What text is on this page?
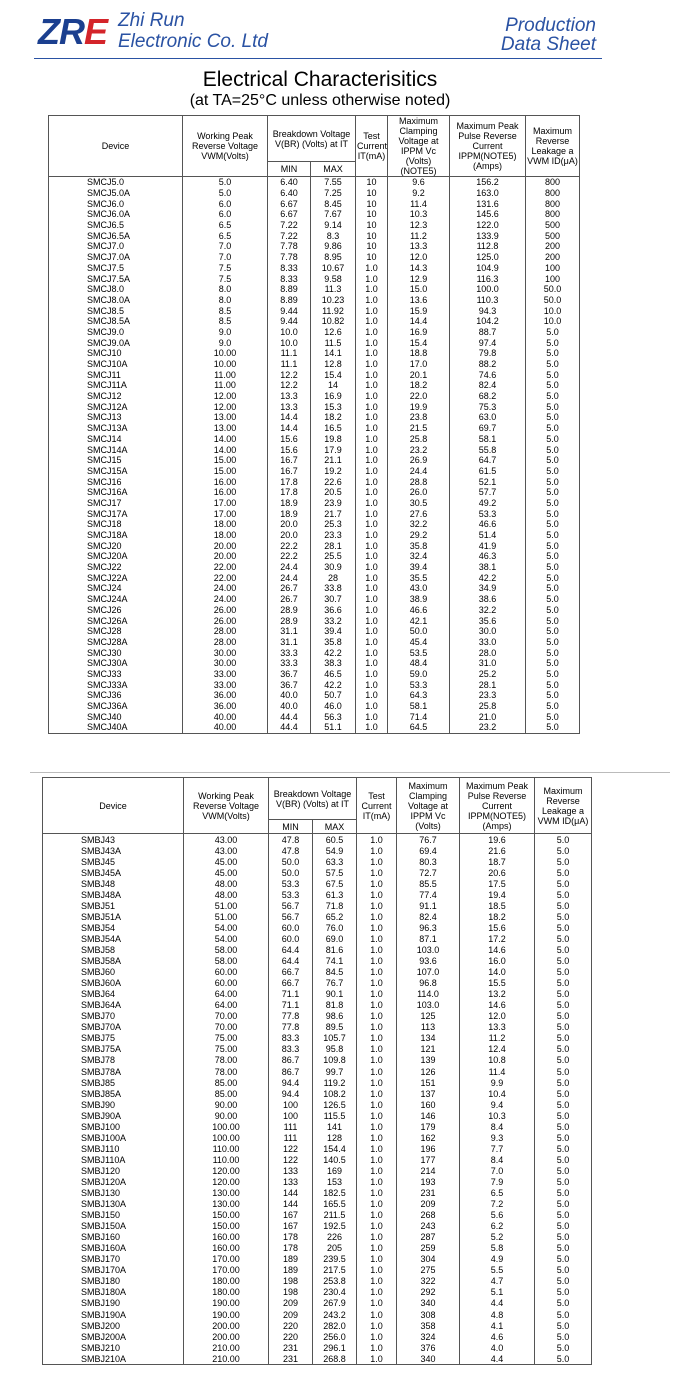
ZRE Zhi Run
Electronic Co. Ltd
Production
Data Sheet
Electrical Characterisitics
(at TA=25°C unless otherwise noted)
Device	Working Peak Reverse Voltage VWM(Volts)	Breakdown Voltage V(BR) (Volts) at IT		Test Current IT(mA)	Maximum Clamping Voltage at IPPM Vc (Volts)(NOTE5)	Maximum Peak Pulse Reverse Current IPPM(NOTE5) (Amps)	Maximum Reverse Leakage a VWM ID(μA)
		MIN	MAX				
SMCJ5.0	5.0	6.40	7.55	10	9.6	156.2	800
SMCJ5.0A	5.0	6.40	7.25	10	9.2	163.0	800
SMCJ6.0	6.0	6.67	8.45	10	11.4	131.6	800
SMCJ6.0A	6.0	6.67	7.67	10	10.3	145.6	800
SMCJ6.5	6.5	7.22	9.14	10	12.3	122.0	500
SMCJ6.5A	6.5	7.22	8.3	10	11.2	133.9	500
SMCJ7.0	7.0	7.78	9.86	10	13.3	112.8	200
SMCJ7.0A	7.0	7.78	8.95	10	12.0	125.0	200
SMCJ7.5	7.5	8.33	10.67	1.0	14.3	104.9	100
SMCJ7.5A	7.5	8.33	9.58	1.0	12.9	116.3	100
SMCJ8.0	8.0	8.89	11.3	1.0	15.0	100.0	50.0
SMCJ8.0A	8.0	8.89	10.23	1.0	13.6	110.3	50.0
SMCJ8.5	8.5	9.44	11.92	1.0	15.9	94.3	10.0
SMCJ8.5A	8.5	9.44	10.82	1.0	14.4	104.2	10.0
SMCJ9.0	9.0	10.0	12.6	1.0	16.9	88.7	5.0
SMCJ9.0A	9.0	10.0	11.5	1.0	15.4	97.4	5.0
SMCJ10	10.00	11.1	14.1	1.0	18.8	79.8	5.0
SMCJ10A	10.00	11.1	12.8	1.0	17.0	88.2	5.0
SMCJ11	11.00	12.2	15.4	1.0	20.1	74.6	5.0
SMCJ11A	11.00	12.2	14	1.0	18.2	82.4	5.0
SMCJ12	12.00	13.3	16.9	1.0	22.0	68.2	5.0
SMCJ12A	12.00	13.3	15.3	1.0	19.9	75.3	5.0
SMCJ13	13.00	14.4	18.2	1.0	23.8	63.0	5.0
SMCJ13A	13.00	14.4	16.5	1.0	21.5	69.7	5.0
SMCJ14	14.00	15.6	19.8	1.0	25.8	58.1	5.0
SMCJ14A	14.00	15.6	17.9	1.0	23.2	55.8	5.0
SMCJ15	15.00	16.7	21.1	1.0	26.9	64.7	5.0
SMCJ15A	15.00	16.7	19.2	1.0	24.4	61.5	5.0
SMCJ16	16.00	17.8	22.6	1.0	28.8	52.1	5.0
SMCJ16A	16.00	17.8	20.5	1.0	26.0	57.7	5.0
SMCJ17	17.00	18.9	23.9	1.0	30.5	49.2	5.0
SMCJ17A	17.00	18.9	21.7	1.0	27.6	53.3	5.0
SMCJ18	18.00	20.0	25.3	1.0	32.2	46.6	5.0
SMCJ18A	18.00	20.0	23.3	1.0	29.2	51.4	5.0
SMCJ20	20.00	22.2	28.1	1.0	35.8	41.9	5.0
SMCJ20A	20.00	22.2	25.5	1.0	32.4	46.3	5.0
SMCJ22	22.00	24.4	30.9	1.0	39.4	38.1	5.0
SMCJ22A	22.00	24.4	28	1.0	35.5	42.2	5.0
SMCJ24	24.00	26.7	33.8	1.0	43.0	34.9	5.0
SMCJ24A	24.00	26.7	30.7	1.0	38.9	38.6	5.0
SMCJ26	26.00	28.9	36.6	1.0	46.6	32.2	5.0
SMCJ26A	26.00	28.9	33.2	1.0	42.1	35.6	5.0
SMCJ28	28.00	31.1	39.4	1.0	50.0	30.0	5.0
SMCJ28A	28.00	31.1	35.8	1.0	45.4	33.0	5.0
SMCJ30	30.00	33.3	42.2	1.0	53.5	28.0	5.0
SMCJ30A	30.00	33.3	38.3	1.0	48.4	31.0	5.0
SMCJ33	33.00	36.7	46.5	1.0	59.0	25.2	5.0
SMCJ33A	33.00	36.7	42.2	1.0	53.3	28.1	5.0
SMCJ36	36.00	40.0	50.7	1.0	64.3	23.3	5.0
SMCJ36A	36.00	40.0	46.0	1.0	58.1	25.8	5.0
SMCJ40	40.00	44.4	56.3	1.0	71.4	21.0	5.0
SMCJ40A	40.00	44.4	51.1	1.0	64.5	23.2	5.0
Device	Working Peak Reverse Voltage VWM(Volts)	Breakdown Voltage V(BR) (Volts) at IT		Test Current IT(mA)	Maximum Clamping Voltage at IPPM Vc (Volts)	Maximum Peak Pulse Reverse Current IPPM(NOTE5) (Amps)	Maximum Reverse Leakage a VWM ID(μA)
		MIN	MAX				
SMBJ43	43.00	47.8	60.5	1.0	76.7	19.6	5.0
SMBJ43A	43.00	47.8	54.9	1.0	69.4	21.6	5.0
SMBJ45	45.00	50.0	63.3	1.0	80.3	18.7	5.0
SMBJ45A	45.00	50.0	57.5	1.0	72.7	20.6	5.0
SMBJ48	48.00	53.3	67.5	1.0	85.5	17.5	5.0
SMBJ48A	48.00	53.3	61.3	1.0	77.4	19.4	5.0
SMBJ51	51.00	56.7	71.8	1.0	91.1	18.5	5.0
SMBJ51A	51.00	56.7	65.2	1.0	82.4	18.2	5.0
SMBJ54	54.00	60.0	76.0	1.0	96.3	15.6	5.0
SMBJ54A	54.00	60.0	69.0	1.0	87.1	17.2	5.0
SMBJ58	58.00	64.4	81.6	1.0	103.0	14.6	5.0
SMBJ58A	58.00	64.4	74.1	1.0	93.6	16.0	5.0
SMBJ60	60.00	66.7	84.5	1.0	107.0	14.0	5.0
SMBJ60A	60.00	66.7	76.7	1.0	96.8	15.5	5.0
SMBJ64	64.00	71.1	90.1	1.0	114.0	13.2	5.0
SMBJ64A	64.00	71.1	81.8	1.0	103.0	14.6	5.0
SMBJ70	70.00	77.8	98.6	1.0	125	12.0	5.0
SMBJ70A	70.00	77.8	89.5	1.0	113	13.3	5.0
SMBJ75	75.00	83.3	105.7	1.0	134	11.2	5.0
SMBJ75A	75.00	83.3	95.8	1.0	121	12.4	5.0
SMBJ78	78.00	86.7	109.8	1.0	139	10.8	5.0
SMBJ78A	78.00	86.7	99.7	1.0	126	11.4	5.0
SMBJ85	85.00	94.4	119.2	1.0	151	9.9	5.0
SMBJ85A	85.00	94.4	108.2	1.0	137	10.4	5.0
SMBJ90	90.00	100	126.5	1.0	160	9.4	5.0
SMBJ90A	90.00	100	115.5	1.0	146	10.3	5.0
SMBJ100	100.00	111	141	1.0	179	8.4	5.0
SMBJ100A	100.00	111	128	1.0	162	9.3	5.0
SMBJ110	110.00	122	154.4	1.0	196	7.7	5.0
SMBJ110A	110.00	122	140.5	1.0	177	8.4	5.0
SMBJ120	120.00	133	169	1.0	214	7.0	5.0
SMBJ120A	120.00	133	153	1.0	193	7.9	5.0
SMBJ130	130.00	144	182.5	1.0	231	6.5	5.0
SMBJ130A	130.00	144	165.5	1.0	209	7.2	5.0
SMBJ150	150.00	167	211.5	1.0	268	5.6	5.0
SMBJ150A	150.00	167	192.5	1.0	243	6.2	5.0
SMBJ160	160.00	178	226	1.0	287	5.2	5.0
SMBJ160A	160.00	178	205	1.0	259	5.8	5.0
SMBJ170	170.00	189	239.5	1.0	304	4.9	5.0
SMBJ170A	170.00	189	217.5	1.0	275	5.5	5.0
SMBJ180	180.00	198	253.8	1.0	322	4.7	5.0
SMBJ180A	180.00	198	230.4	1.0	292	5.1	5.0
SMBJ190	190.00	209	267.9	1.0	340	4.4	5.0
SMBJ190A	190.00	209	243.2	1.0	308	4.8	5.0
SMBJ200	200.00	220	282.0	1.0	358	4.1	5.0
SMBJ200A	200.00	220	256.0	1.0	324	4.6	5.0
SMBJ210	210.00	231	296.1	1.0	376	4.0	5.0
SMBJ210A	210.00	231	268.8	1.0	340	4.4	5.0
